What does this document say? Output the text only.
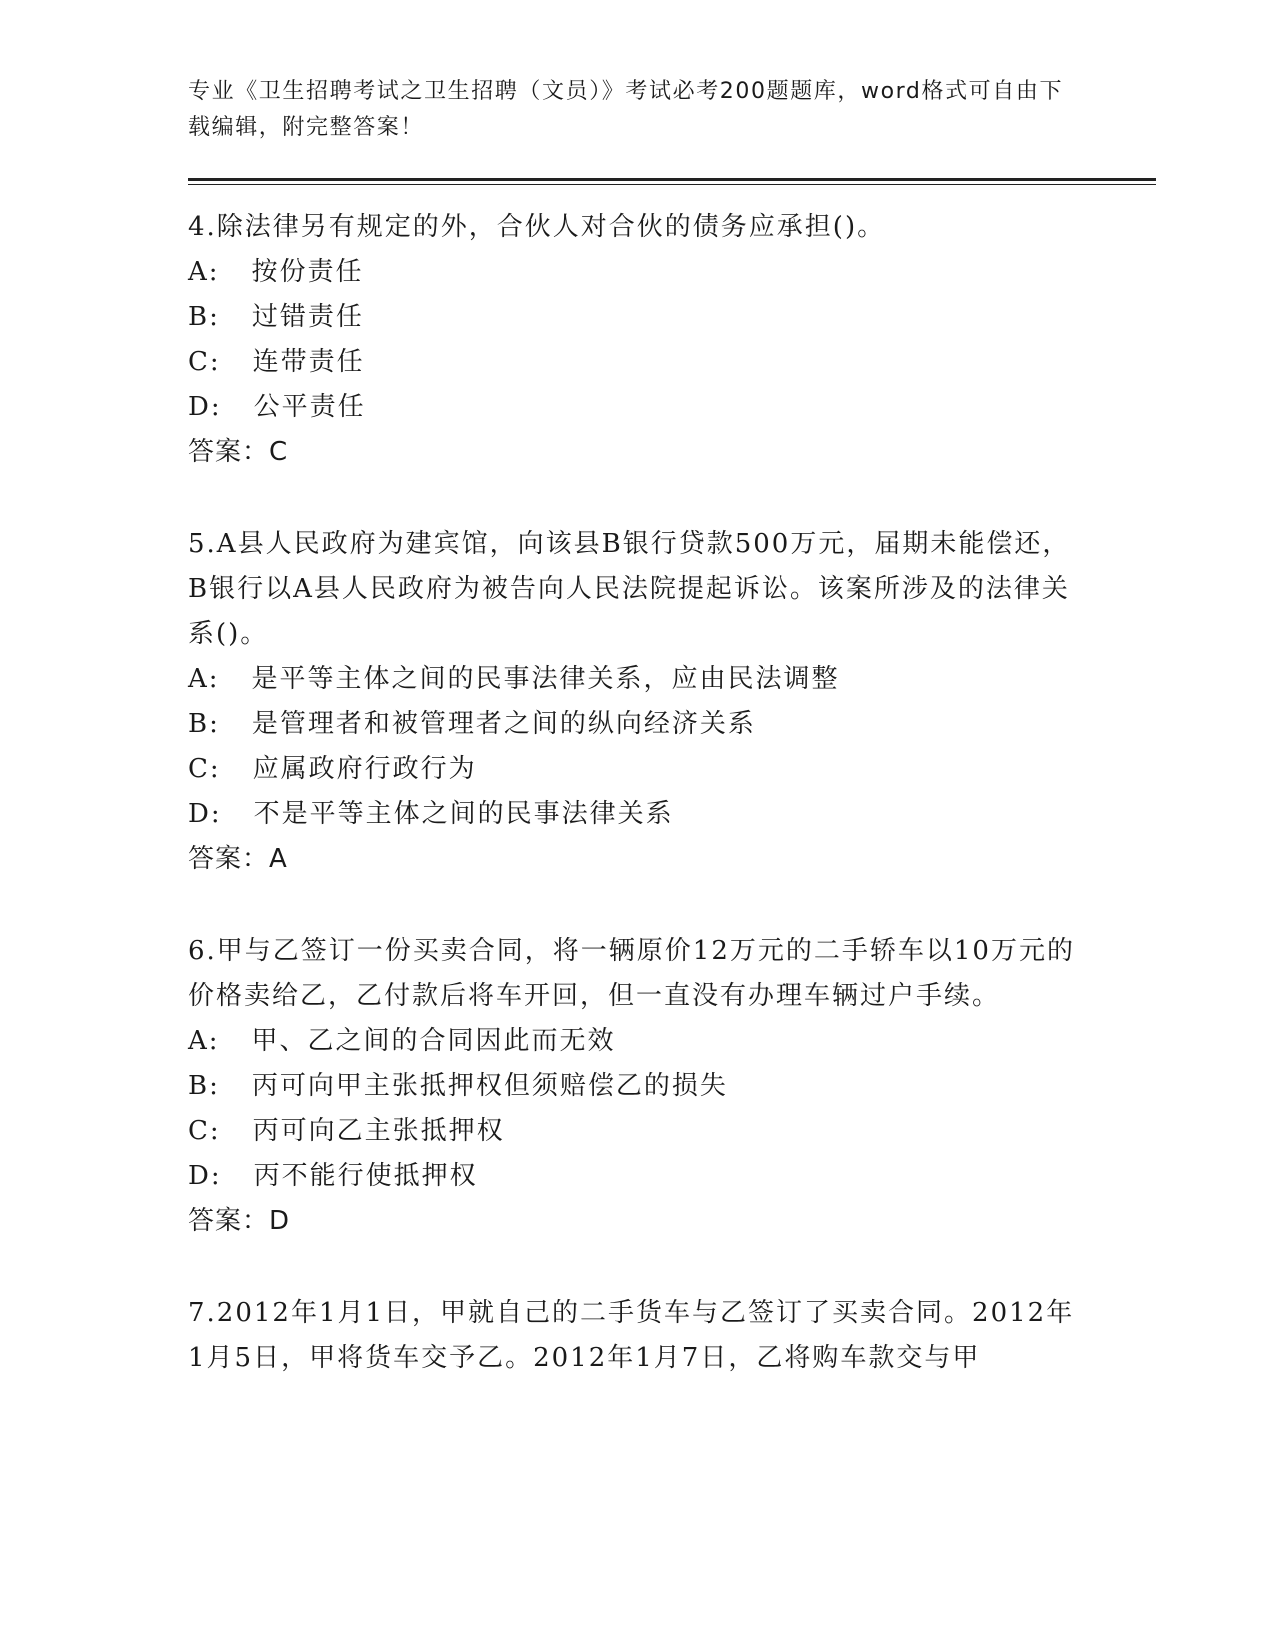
专业《卫生招聘考试之卫生招聘（文员）》考试必考200题题库，word格式可自由下载编辑，附完整答案！
4.除法律另有规定的外，合伙人对合伙的债务应承担()。
A: 按份责任
B: 过错责任
C: 连带责任
D: 公平责任
答案：C
5.A县人民政府为建宾馆，向该县B银行贷款500万元，届期未能偿还，B银行以A县人民政府为被告向人民法院提起诉讼。该案所涉及的法律关系()。
A: 是平等主体之间的民事法律关系，应由民法调整
B: 是管理者和被管理者之间的纵向经济关系
C: 应属政府行政行为
D: 不是平等主体之间的民事法律关系
答案：A
6.甲与乙签订一份买卖合同，将一辆原价12万元的二手轿车以10万元的价格卖给乙，乙付款后将车开回，但一直没有办理车辆过户手续。
A: 甲、乙之间的合同因此而无效
B: 丙可向甲主张抵押权但须赔偿乙的损失
C: 丙可向乙主张抵押权
D: 丙不能行使抵押权
答案：D
7.2012年1月1日，甲就自己的二手货车与乙签订了买卖合同。2012年1月5日，甲将货车交予乙。2012年1月7日，乙将购车款交与甲
